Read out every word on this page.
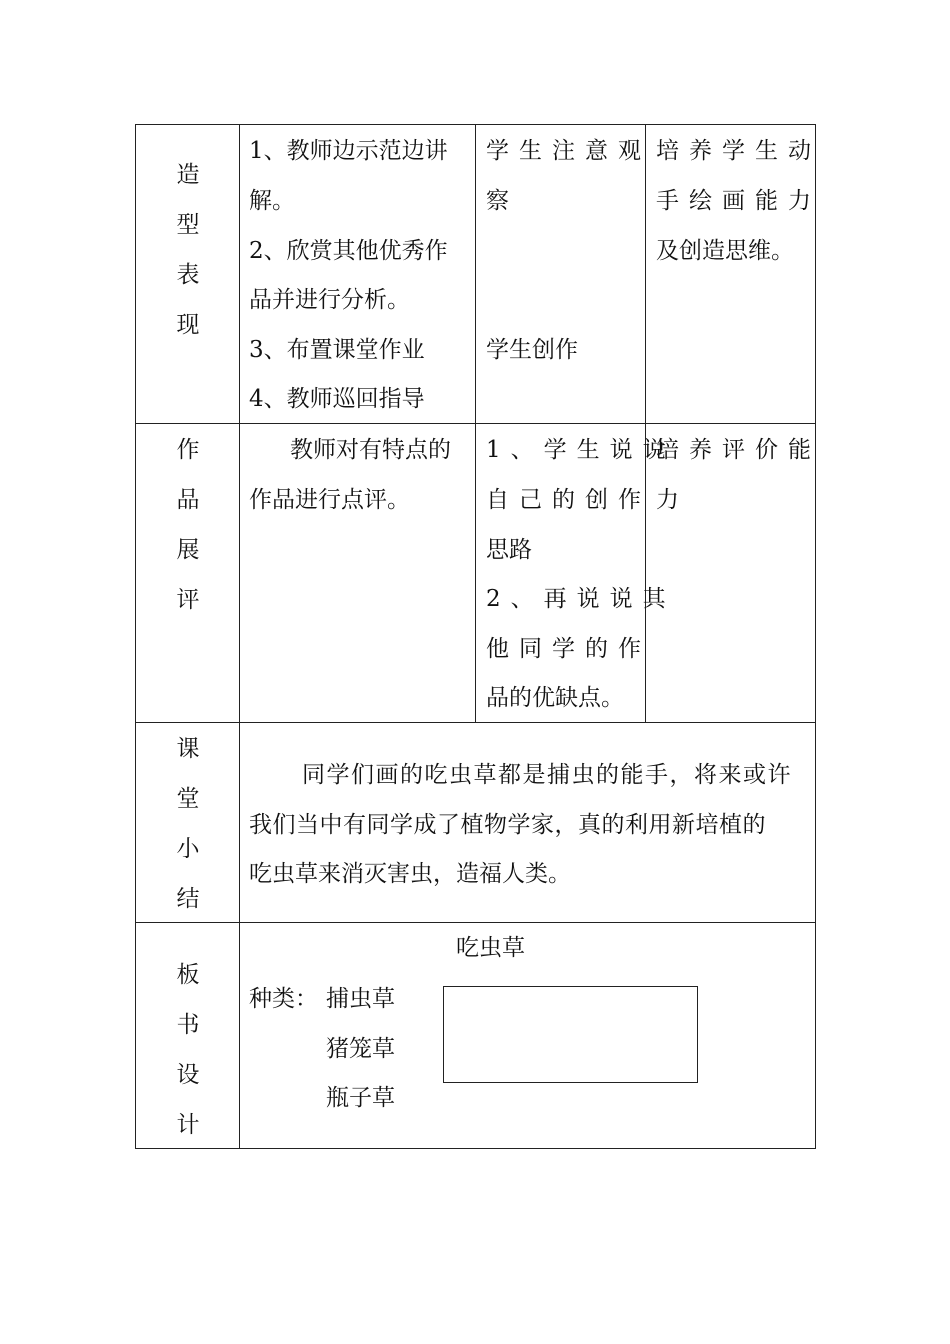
造
型
表
现
1、教师边示范边讲
解。
2、欣赏其他优秀作
品并进行分析。
3、布置课堂作业
4、教师巡回指导
学生注意观
察
学生创作
培养学生动
手绘画能力
及创造思维。
作
品
展
评
教师对有特点的
作品进行点评。
1、学生说说
自己的创作
思路
2、再说说其
他同学的作
品的优缺点。
培养评价能
力
课
堂
小
结
同学们画的吃虫草都是捕虫的能手，将来或许
我们当中有同学成了植物学家，真的利用新培植的
吃虫草来消灭害虫，造福人类。
板
书
设
计
吃虫草
种类： 捕虫草
猪笼草
瓶子草
